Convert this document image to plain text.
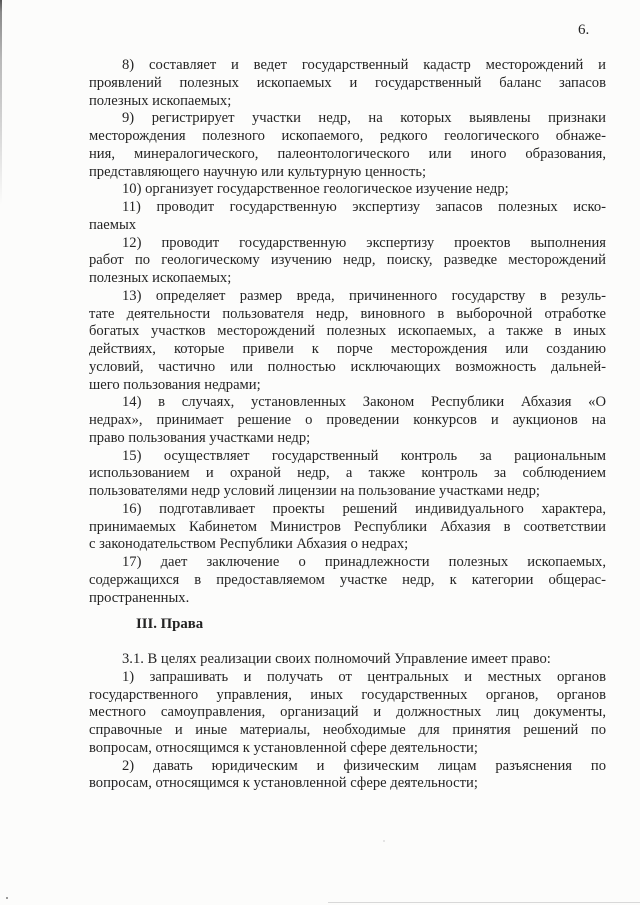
6.
8) составляет и ведет государственный кадастр месторождений и
проявлений полезных ископаемых и государственный баланс запасов
полезных ископаемых;
9) регистрирует участки недр, на которых выявлены признаки
месторождения полезного ископаемого, редкого геологического обнаже-
ния, минералогического, палеонтологического или иного образования,
представляющего научную или культурную ценность;
10) организует государственное геологическое изучение недр;
11) проводит государственную экспертизу запасов полезных иско-
паемых
12) проводит государственную экспертизу проектов выполнения
работ по геологическому изучению недр, поиску, разведке месторождений
полезных ископаемых;
13) определяет размер вреда, причиненного государству в резуль-
тате деятельности пользователя недр, виновного в выборочной отработке
богатых участков месторождений полезных ископаемых, а также в иных
действиях, которые привели к порче месторождения или созданию
условий, частично или полностью исключающих возможность дальней-
шего пользования недрами;
14) в случаях, установленных Законом Республики Абхазия «О
недрах», принимает решение о проведении конкурсов и аукционов на
право пользования участками недр;
15) осуществляет государственный контроль за рациональным
использованием и охраной недр, а также контроль за соблюдением
пользователями недр условий лицензии на пользование участками недр;
16) подготавливает проекты решений индивидуального характера,
принимаемых Кабинетом Министров Республики Абхазия в соответствии
с законодательством Республики Абхазия о недрах;
17) дает заключение о принадлежности полезных ископаемых,
содержащихся в предоставляемом участке недр, к категории общерас-
пространенных.
III. Права
3.1. В целях реализации своих полномочий Управление имеет право:
1) запрашивать и получать от центральных и местных органов
государственного управления, иных государственных органов, органов
местного самоуправления, организаций и должностных лиц документы,
справочные и иные материалы, необходимые для принятия решений по
вопросам, относящимся к установленной сфере деятельности;
2) давать юридическим и физическим лицам разъяснения по
вопросам, относящимся к установленной сфере деятельности;
